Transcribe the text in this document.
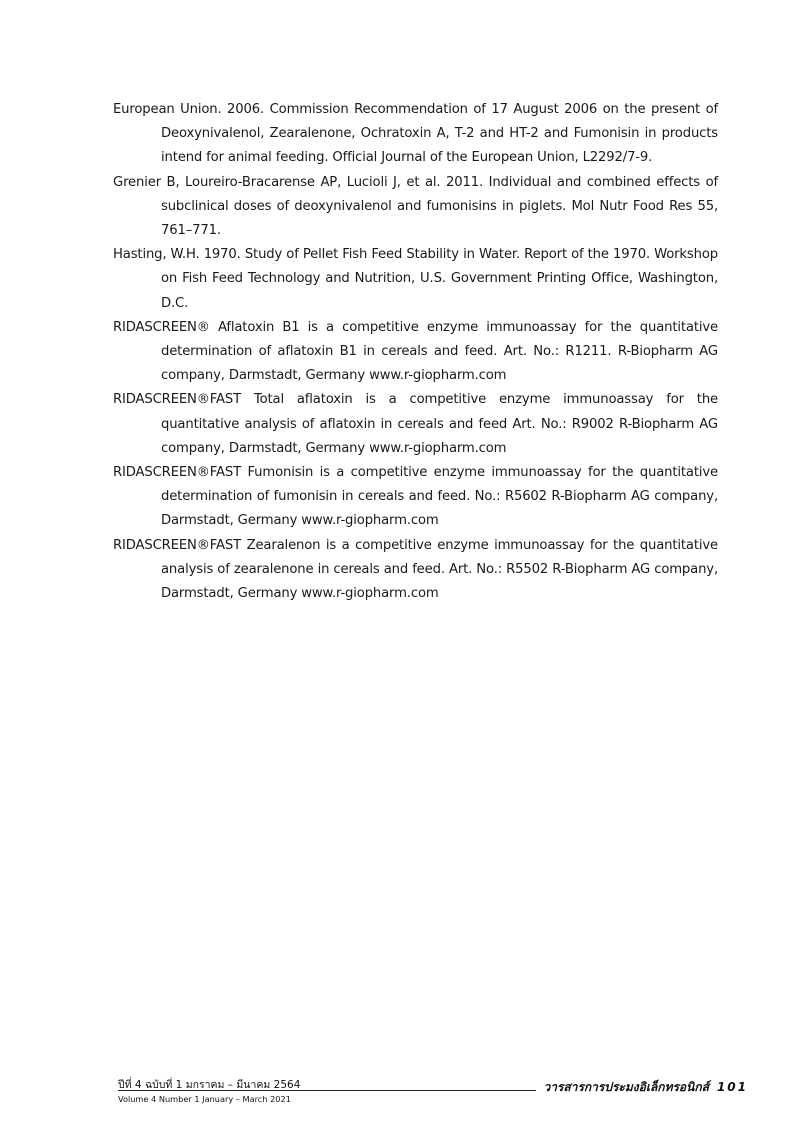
European Union. 2006. Commission Recommendation of 17 August 2006 on the present of Deoxynivalenol, Zearalenone, Ochratoxin A, T-2 and HT-2 and Fumonisin in products intend for animal feeding. Official Journal of the European Union, L2292/7-9.

Grenier B, Loureiro-Bracarense AP, Lucioli J, et al. 2011. Individual and combined effects of subclinical doses of deoxynivalenol and fumonisins in piglets. Mol Nutr Food Res 55, 761–771.

Hasting, W.H. 1970. Study of Pellet Fish Feed Stability in Water. Report of the 1970. Workshop on Fish Feed Technology and Nutrition, U.S. Government Printing Office, Washington, D.C.

RIDASCREEN® Aflatoxin B1 is a competitive enzyme immunoassay for the quantitative determination of aflatoxin B1 in cereals and feed. Art. No.: R1211. R-Biopharm AG company, Darmstadt, Germany www.r-giopharm.com

RIDASCREEN®FAST Total aflatoxin is a competitive enzyme immunoassay for the quantitative analysis of aflatoxin in cereals and feed Art. No.: R9002 R-Biopharm AG company, Darmstadt, Germany www.r-giopharm.com

RIDASCREEN®FAST Fumonisin is a competitive enzyme immunoassay for the quantitative determination of fumonisin in cereals and feed. No.: R5602 R-Biopharm AG company, Darmstadt, Germany www.r-giopharm.com

RIDASCREEN®FAST Zearalenon is a competitive enzyme immunoassay for the quantitative analysis of zearalenone in cereals and feed. Art. No.: R5502 R-Biopharm AG company, Darmstadt, Germany www.r-giopharm.com

ปีที่ 4 ฉบับที่ 1 มกราคม – มีนาคม 2564
Volume 4 Number 1 January – March 2021
วารสารการประมงอิเล็กทรอนิกส์ 101
